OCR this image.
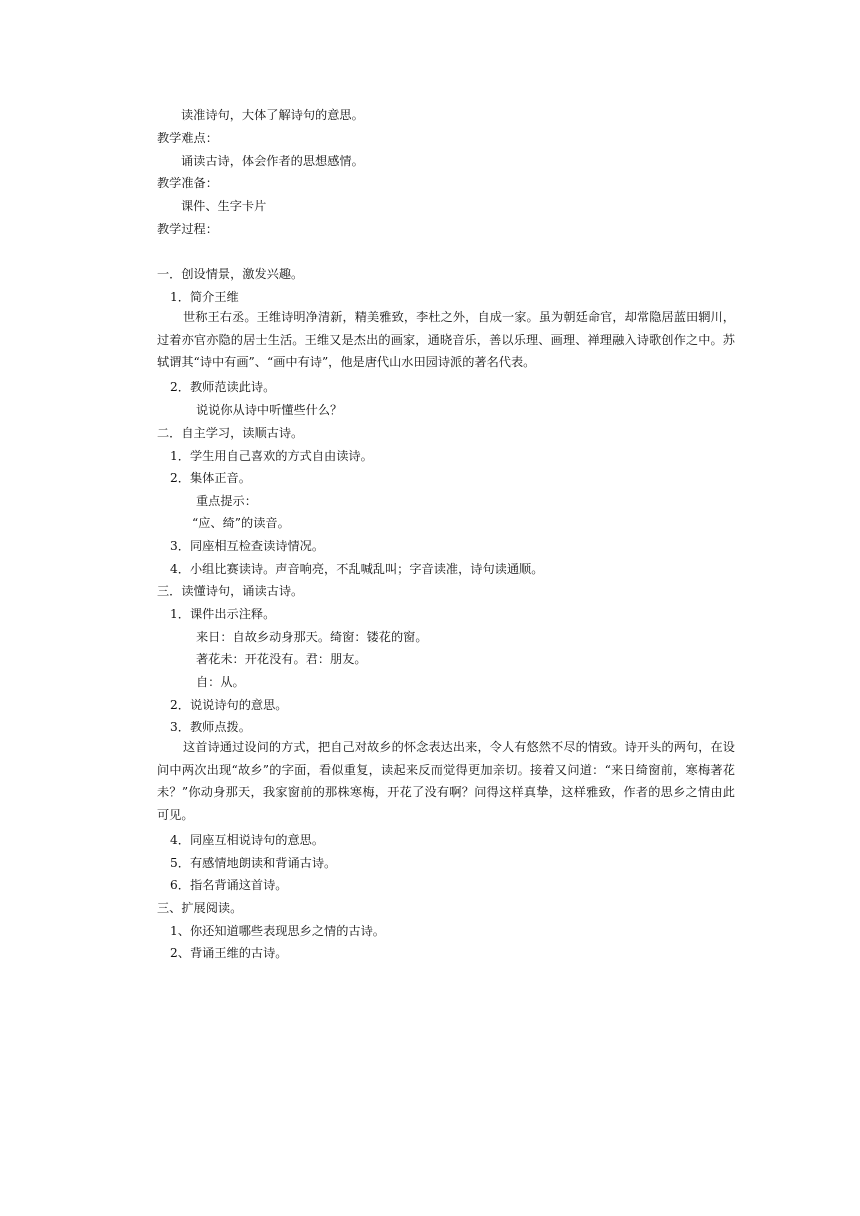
读准诗句，大体了解诗句的意思。

教学难点：

诵读古诗，体会作者的思想感情。

教学准备：

课件、生字卡片

教学过程：

一．创设情景，激发兴趣。

1．简介王维

世称王右丞。王维诗明净清新，精美雅致，李杜之外，自成一家。虽为朝廷命官，却常隐居蓝田辋川，过着亦官亦隐的居士生活。王维又是杰出的画家，通晓音乐，善以乐理、画理、禅理融入诗歌创作之中。苏轼谓其“诗中有画”、“画中有诗”，他是唐代山水田园诗派的著名代表。

2．教师范读此诗。

说说你从诗中听懂些什么？

二．自主学习，读顺古诗。

1．学生用自己喜欢的方式自由读诗。

2．集体正音。

重点提示：

“应、绮”的读音。

3．同座相互检查读诗情况。

4．小组比赛读诗。声音响亮，不乱喊乱叫；字音读准，诗句读通顺。

三．读懂诗句，诵读古诗。

1．课件出示注释。

来日：自故乡动身那天。绮窗：镂花的窗。

著花未：开花没有。君：朋友。

自：从。

2．说说诗句的意思。

3．教师点拨。

这首诗通过设问的方式，把自己对故乡的怀念表达出来，令人有悠然不尽的情致。诗开头的两句，在设问中两次出现“故乡”的字面，看似重复，读起来反而觉得更加亲切。接着又问道：“来日绮窗前，寒梅著花未？”你动身那天，我家窗前的那株寒梅，开花了没有啊？问得这样真挚，这样雅致，作者的思乡之情由此可见。

4．同座互相说诗句的意思。

5．有感情地朗读和背诵古诗。

6．指名背诵这首诗。

三、扩展阅读。

1、你还知道哪些表现思乡之情的古诗。

2、背诵王维的古诗。
